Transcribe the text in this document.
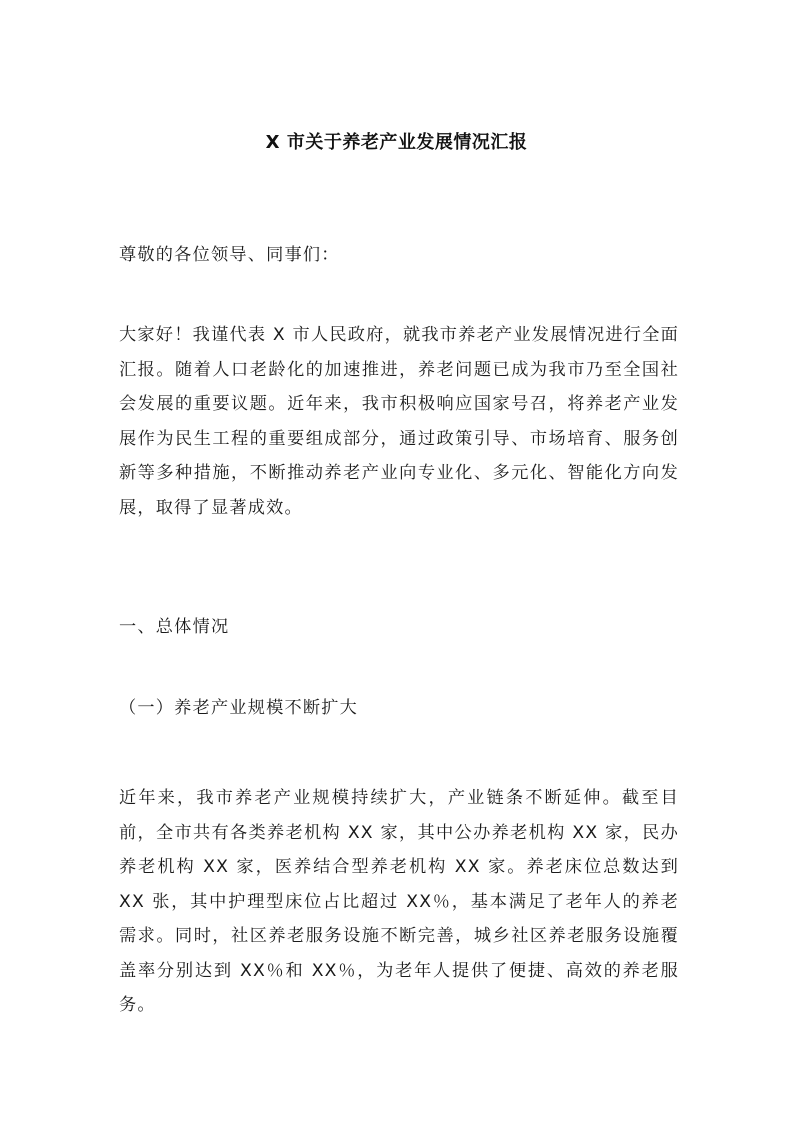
X 市关于养老产业发展情况汇报
尊敬的各位领导、同事们：
大家好！我谨代表 X 市人民政府，就我市养老产业发展情况进行全面汇报。随着人口老龄化的加速推进，养老问题已成为我市乃至全国社会发展的重要议题。近年来，我市积极响应国家号召，将养老产业发展作为民生工程的重要组成部分，通过政策引导、市场培育、服务创新等多种措施，不断推动养老产业向专业化、多元化、智能化方向发展，取得了显著成效。
一、总体情况
（一）养老产业规模不断扩大
近年来，我市养老产业规模持续扩大，产业链条不断延伸。截至目前，全市共有各类养老机构 XX 家，其中公办养老机构 XX 家，民办养老机构 XX 家，医养结合型养老机构 XX 家。养老床位总数达到 XX 张，其中护理型床位占比超过 XX％，基本满足了老年人的养老需求。同时，社区养老服务设施不断完善，城乡社区养老服务设施覆盖率分别达到 XX％和 XX％，为老年人提供了便捷、高效的养老服务。
